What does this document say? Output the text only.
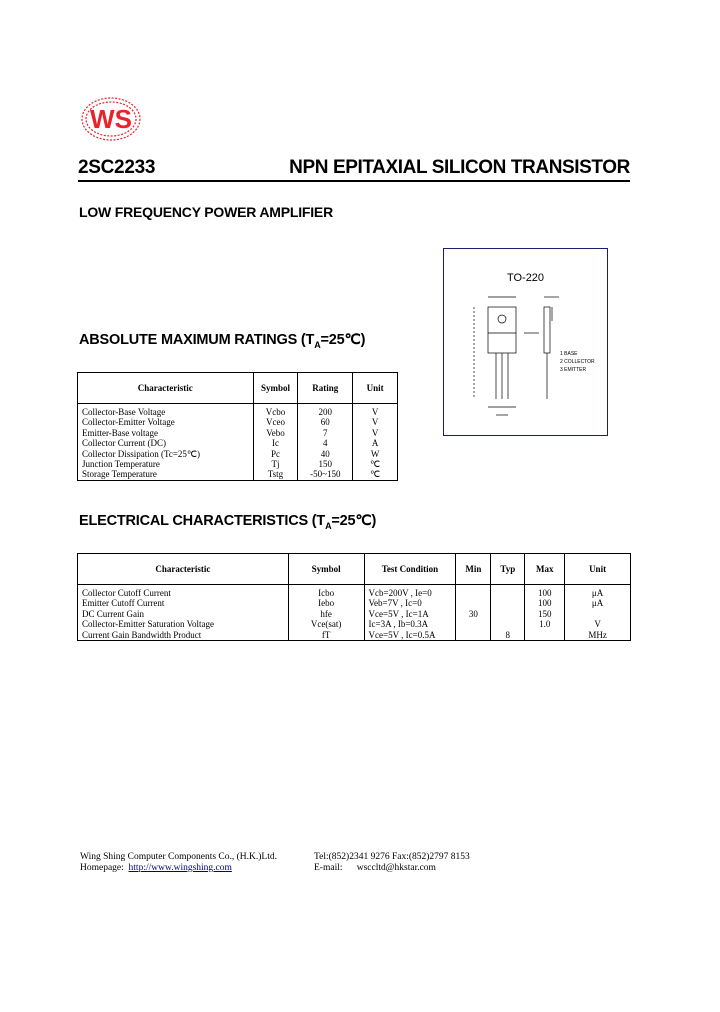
WS
2SC2233	NPN EPITAXIAL SILICON TRANSISTOR
LOW FREQUENCY POWER AMPLIFIER
TO-220
1 BASE
2 COLLECTOR
3 EMITTER
ABSOLUTE MAXIMUM RATINGS $(T_A=25℃)$
Characteristic	Symbol	Rating	Unit
Collector-Base Voltage	Vcbo	200	V
Collector-Emitter Voltage	Vceo	60	V
Emitter-Base voltage	Vebo	7	V
Collector Current (DC)	Ic	4	A
Collector Dissipation (Tc=25℃)	Pc	40	W
Junction Temperature	Tj	150	℃
Storage Temperature	Tstg	-50~150	℃
ELECTRICAL CHARACTERISTICS $(T_A=25℃)$
Characteristic	Symbol	Test Condition	Min	Typ	Max	Unit
Collector Cutoff Current	Icbo	Vcb=200V , Ie=0			100	μA
Emitter Cutoff Current	Iebo	Veb=7V , Ic=0			100	μA
DC Current Gain	hfe	Vce=5V , Ic=1A	30		150	
Collector-Emitter Saturation Voltage	Vce(sat)	Ic=3A , Ib=0.3A			1.0	V
Current Gain Bandwidth Product	fT	Vce=5V , Ic=0.5A		8		MHz
Wing Shing Computer Components Co., (H.K.)Ltd.
Homepage: http://www.wingshing.com
Tel:(852)2341 9276 Fax:(852)2797 8153
E-mail: wsccltd@hkstar.com
